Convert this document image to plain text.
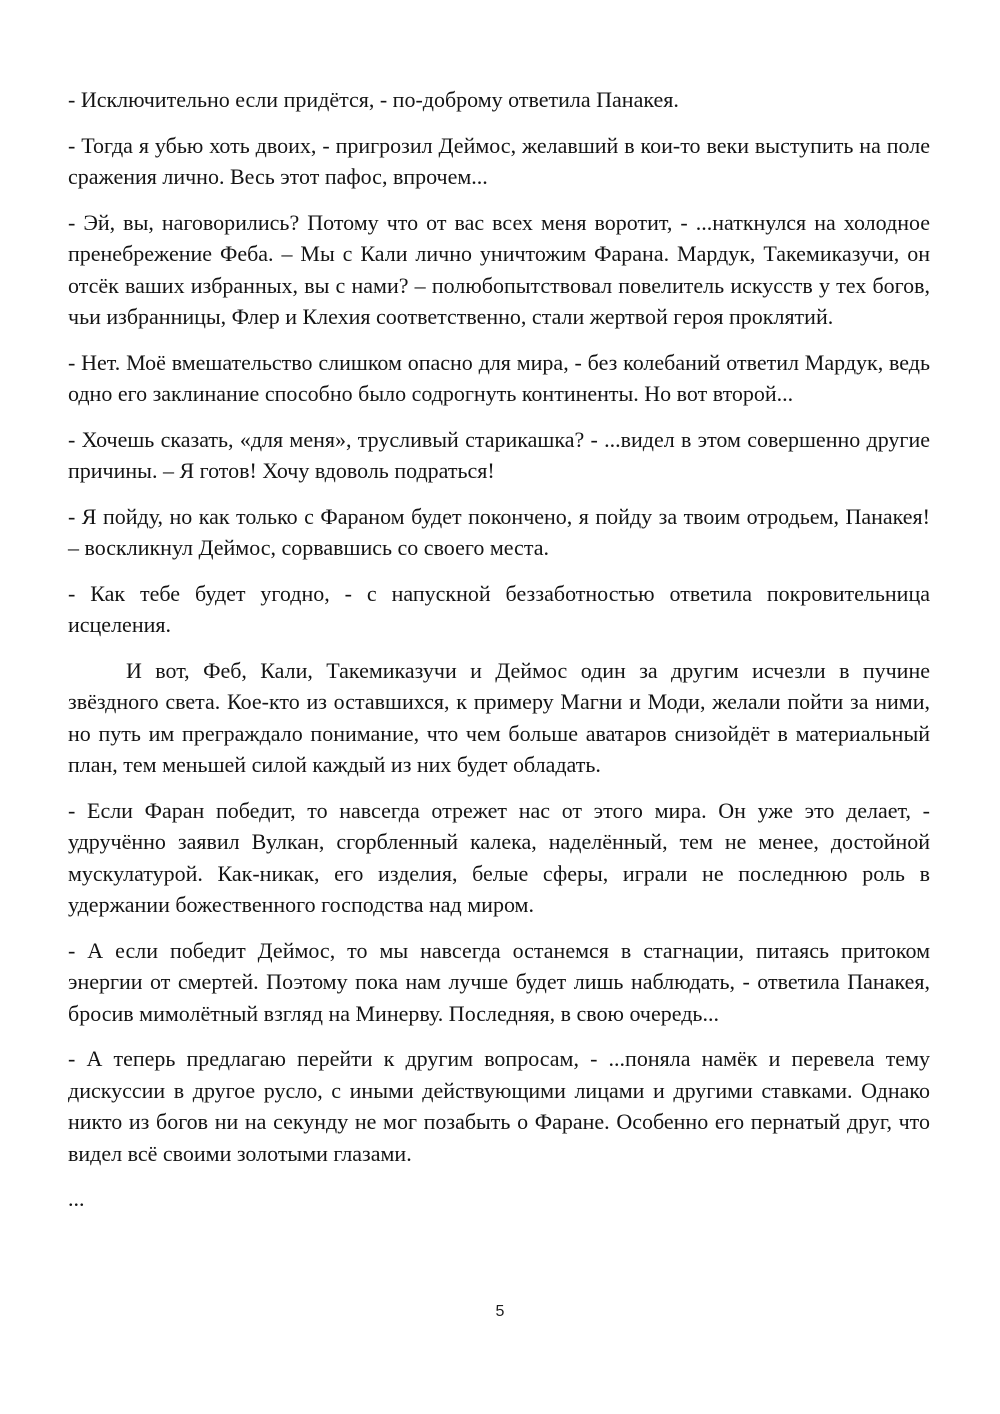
- Исключительно если придётся, - по-доброму ответила Панакея.

- Тогда я убью хоть двоих, - пригрозил Деймос, желавший в кои-то веки выступить на поле сражения лично. Весь этот пафос, впрочем...

- Эй, вы, наговорились? Потому что от вас всех меня воротит, - ...наткнулся на холодное пренебрежение Феба. – Мы с Кали лично уничтожим Фарана. Мардук, Такемиказучи, он отсёк ваших избранных, вы с нами? – полюбопытствовал повелитель искусств у тех богов, чьи избранницы, Флер и Клехия соответственно, стали жертвой героя проклятий.

- Нет. Моё вмешательство слишком опасно для мира, - без колебаний ответил Мардук, ведь одно его заклинание способно было содрогнуть континенты. Но вот второй...

- Хочешь сказать, «для меня», трусливый старикашка? - ...видел в этом совершенно другие причины. – Я готов! Хочу вдоволь подраться!

- Я пойду, но как только с Фараном будет покончено, я пойду за твоим отродьем, Панакея! – воскликнул Деймос, сорвавшись со своего места.

- Как тебе будет угодно, - с напускной беззаботностью ответила покровительница исцеления.

И вот, Феб, Кали, Такемиказучи и Деймос один за другим исчезли в пучине звёздного света. Кое-кто из оставшихся, к примеру Магни и Моди, желали пойти за ними, но путь им преграждало понимание, что чем больше аватаров снизойдёт в материальный план, тем меньшей силой каждый из них будет обладать.

- Если Фаран победит, то навсегда отрежет нас от этого мира. Он уже это делает, - удручённо заявил Вулкан, сгорбленный калека, наделённый, тем не менее, достойной мускулатурой. Как-никак, его изделия, белые сферы, играли не последнюю роль в удержании божественного господства над миром.

- А если победит Деймос, то мы навсегда останемся в стагнации, питаясь притоком энергии от смертей. Поэтому пока нам лучше будет лишь наблюдать, - ответила Панакея, бросив мимолётный взгляд на Минерву. Последняя, в свою очередь...

- А теперь предлагаю перейти к другим вопросам, - ...поняла намёк и перевела тему дискуссии в другое русло, с иными действующими лицами и другими ставками. Однако никто из богов ни на секунду не мог позабыть о Фаране. Особенно его пернатый друг, что видел всё своими золотыми глазами.

...

5
